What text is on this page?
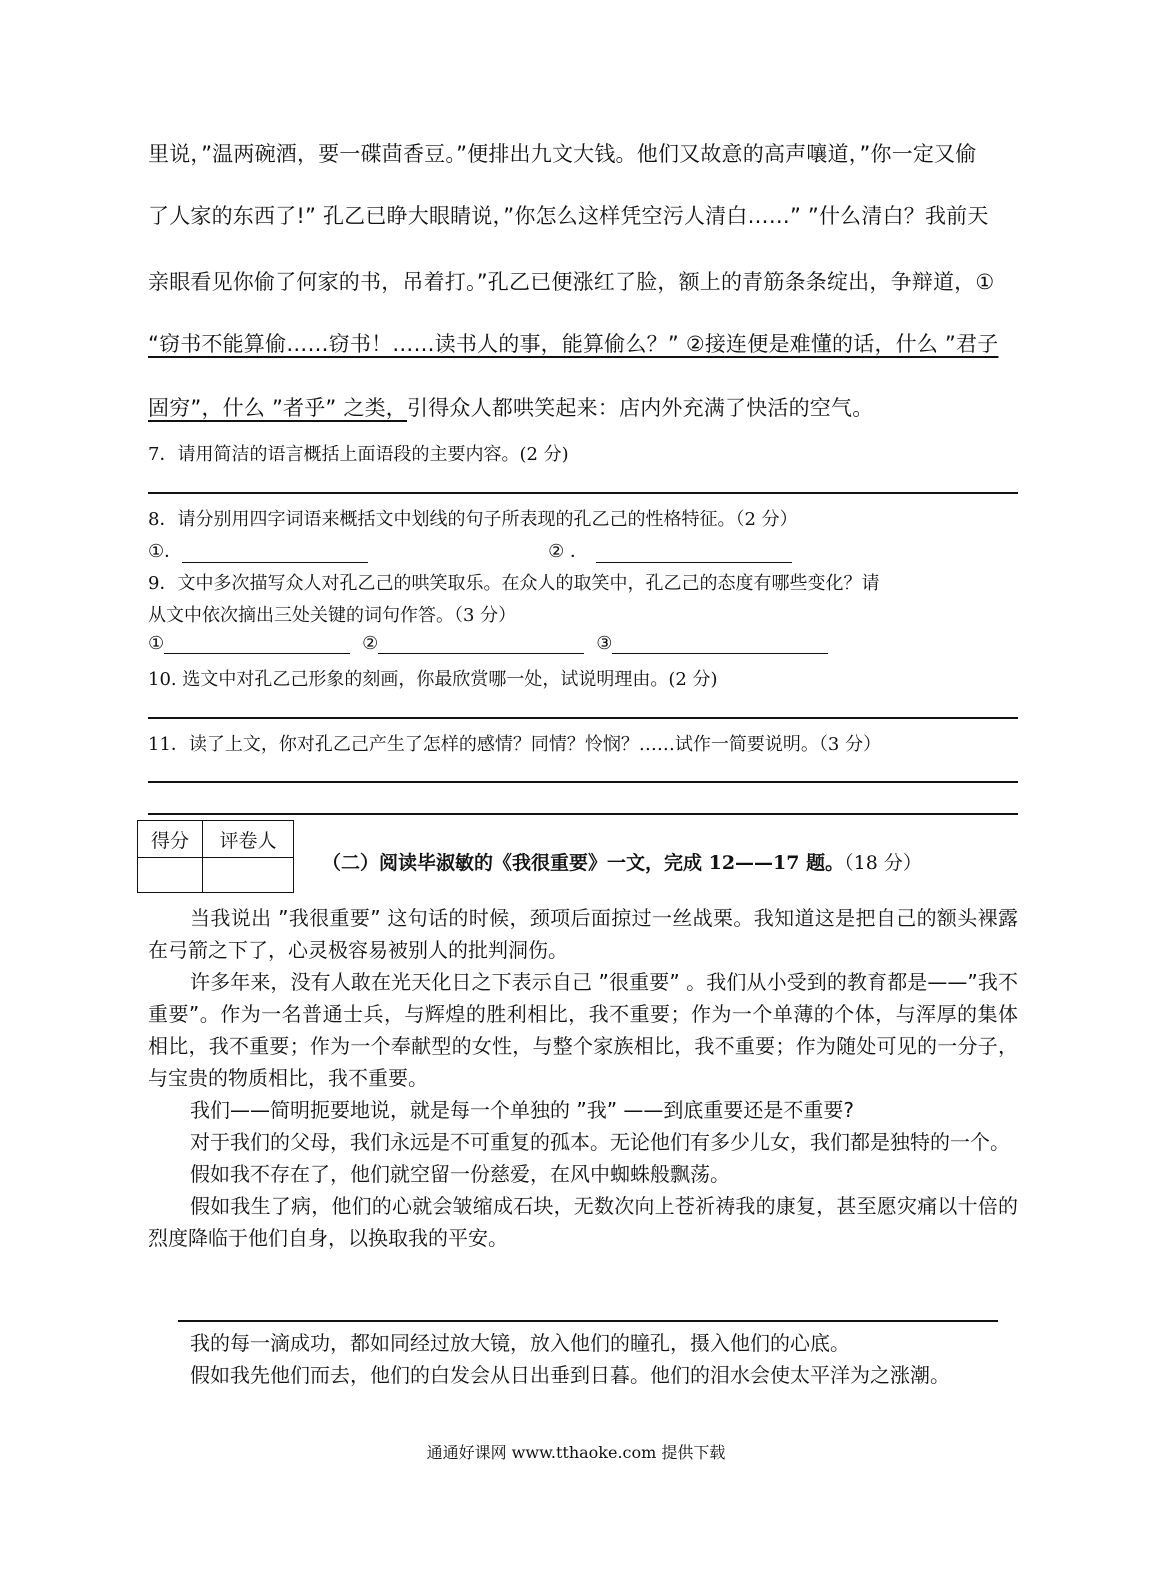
里说，”温两碗酒，要一碟茴香豆。”便排出九文大钱。他们又故意的高声嚷道，”你一定又偷
了人家的东西了!” 孔乙已睁大眼睛说，”你怎么这样凭空污人清白……” ”什么清白？我前天
亲眼看见你偷了何家的书，吊着打。”孔乙已便涨红了脸，额上的青筋条条绽出，争辩道，①
“窃书不能算偷……窃书！……读书人的事，能算偷么？” ②接连便是难懂的话，什么 ”君子
固穷”，什么 ”者乎” 之类，引得众人都哄笑起来：店内外充满了快活的空气。
7．请用简洁的语言概括上面语段的主要内容。(2 分)
8．请分别用四字词语来概括文中划线的句子所表现的孔乙己的性格特征。（2 分）
①．	② ．
9．文中多次描写众人对孔乙己的哄笑取乐。在众人的取笑中，孔乙己的态度有哪些变化？请
从文中依次摘出三处关键的词句作答。（3 分）
①	②	③
10. 选文中对孔乙己形象的刻画，你最欣赏哪一处，试说明理由。(2 分)
11．读了上文，你对孔乙己产生了怎样的感情？同情？怜悯？……试作一简要说明。（3 分）
得分	评卷人

（二）阅读毕淑敏的《我很重要》一文，完成 12——17 题。（18 分）

当我说出 ”我很重要” 这句话的时候，颈项后面掠过一丝战栗。我知道这是把自己的额头裸露在弓箭之下了，心灵极容易被别人的批判洞伤。

许多年来，没有人敢在光天化日之下表示自己 ”很重要” 。我们从小受到的教育都是——”我不重要”。作为一名普通士兵，与辉煌的胜利相比，我不重要；作为一个单薄的个体，与浑厚的集体相比，我不重要；作为一个奉献型的女性，与整个家族相比，我不重要；作为随处可见的一分子，与宝贵的物质相比，我不重要。

我们——简明扼要地说，就是每一个单独的 ”我” ——到底重要还是不重要?

对于我们的父母，我们永远是不可重复的孤本。无论他们有多少儿女，我们都是独特的一个。

假如我不存在了，他们就空留一份慈爱，在风中蜘蛛般飘荡。

假如我生了病，他们的心就会皱缩成石块，无数次向上苍祈祷我的康复，甚至愿灾痛以十倍的烈度降临于他们自身，以换取我的平安。

我的每一滴成功，都如同经过放大镜，放入他们的瞳孔，摄入他们的心底。

假如我先他们而去，他们的白发会从日出垂到日暮。他们的泪水会使太平洋为之涨潮。

通通好课网 www.tthaoke.com 提供下载
